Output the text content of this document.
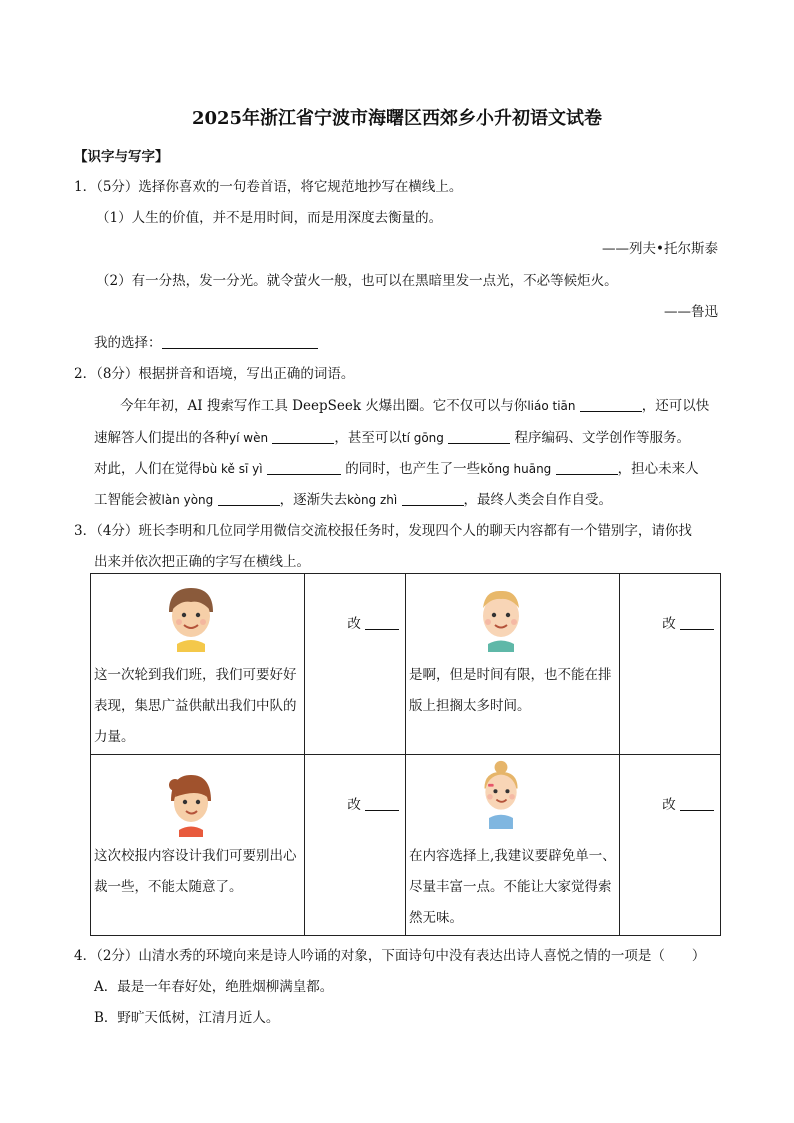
2025年浙江省宁波市海曙区西郊乡小升初语文试卷
【识字与写字】
1．（5分）选择你喜欢的一句卷首语，将它规范地抄写在横线上。
（1）人生的价值，并不是用时间，而是用深度去衡量的。
——列夫•托尔斯泰
（2）有一分热，发一分光。就令萤火一般，也可以在黑暗里发一点光，不必等候炬火。
——鲁迅
我的选择：
2．（8分）根据拼音和语境，写出正确的词语。
今年年初，AI 搜索写作工具 DeepSeek 火爆出圈。它不仅可以与你liáo tiān	，还可以快
速解答人们提出的各种yí wèn	，甚至可以tí gōng	程序编码、文学创作等服务。
对此，人们在觉得bù kě sī yì	的同时，也产生了一些kǒng huāng	，担心未来人
工智能会被làn yòng	，逐渐失去kòng zhì	，最终人类会自作自受。
3．（4分）班长李明和几位同学用微信交流校报任务时，发现四个人的聊天内容都有一个错别字，请你找
出来并依次把正确的字写在横线上。
这一次轮到我们班，我们可要好好表现，集思广益供献出我们中队的力量。	改	是啊，但是时间有限，也不能在排版上担搁太多时间。	改

这次校报内容设计我们可要别出心裁一些，不能太随意了。	改	在内容选择上,我建议要辟免单一、尽量丰富一点。不能让大家觉得索然无味。	改
4．（2分）山清水秀的环境向来是诗人吟诵的对象，下面诗句中没有表达出诗人喜悦之情的一项是（　　）
A．最是一年春好处，绝胜烟柳满皇都。
B．野旷天低树，江清月近人。
